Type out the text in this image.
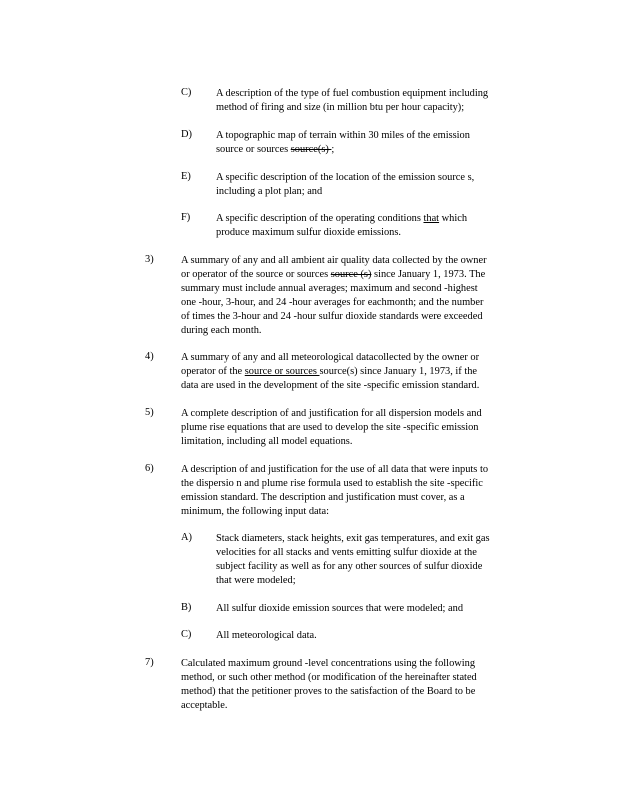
C) A description of the type of fuel combustion equipment including
method of firing and size (in million btu per hour capacity);
D) A topographic map of terrain within 30 miles of the emission
source or sources source(s) ;
E) A specific description of the location of the emission source s,
including a plot plan; and
F) A specific description of the operating conditions that which
produce maximum sulfur dioxide emissions.
3)	A summary of any and all ambient air quality data collected by the owner
or operator of the source or sources source (s) since January 1, 1973. The
summary must include annual averages; maximum and second -highest
one -hour, 3-hour, and 24 -hour averages for eachmonth; and the number
of times the 3-hour and 24 -hour sulfur dioxide standards were exceeded
during each month.
4)	A summary of any and all meteorological datacollected by the owner or
operator of the source or sources source(s) since January 1, 1973, if the
data are used in the development of the site -specific emission standard.
5)	A complete description of and justification for all dispersion models and
plume rise equations that are used to develop the site -specific emission
limitation, including all model equations.
6)	A description of and justification for the use of all data that were inputs to
the dispersio n and plume rise formula used to establish the site -specific
emission standard. The description and justification must cover, as a
minimum, the following input data:
A) Stack diameters, stack heights, exit gas temperatures, and exit gas
velocities for all stacks and vents emitting sulfur dioxide at the
subject facility as well as for any other sources of sulfur dioxide
that were modeled;
B) All sulfur dioxide emission sources that were modeled; and
C) All meteorological data.
7)	Calculated maximum ground -level concentrations using the following
method, or such other method (or modification of the hereinafter stated
method) that the petitioner proves to the satisfaction of the Board to be
acceptable.
